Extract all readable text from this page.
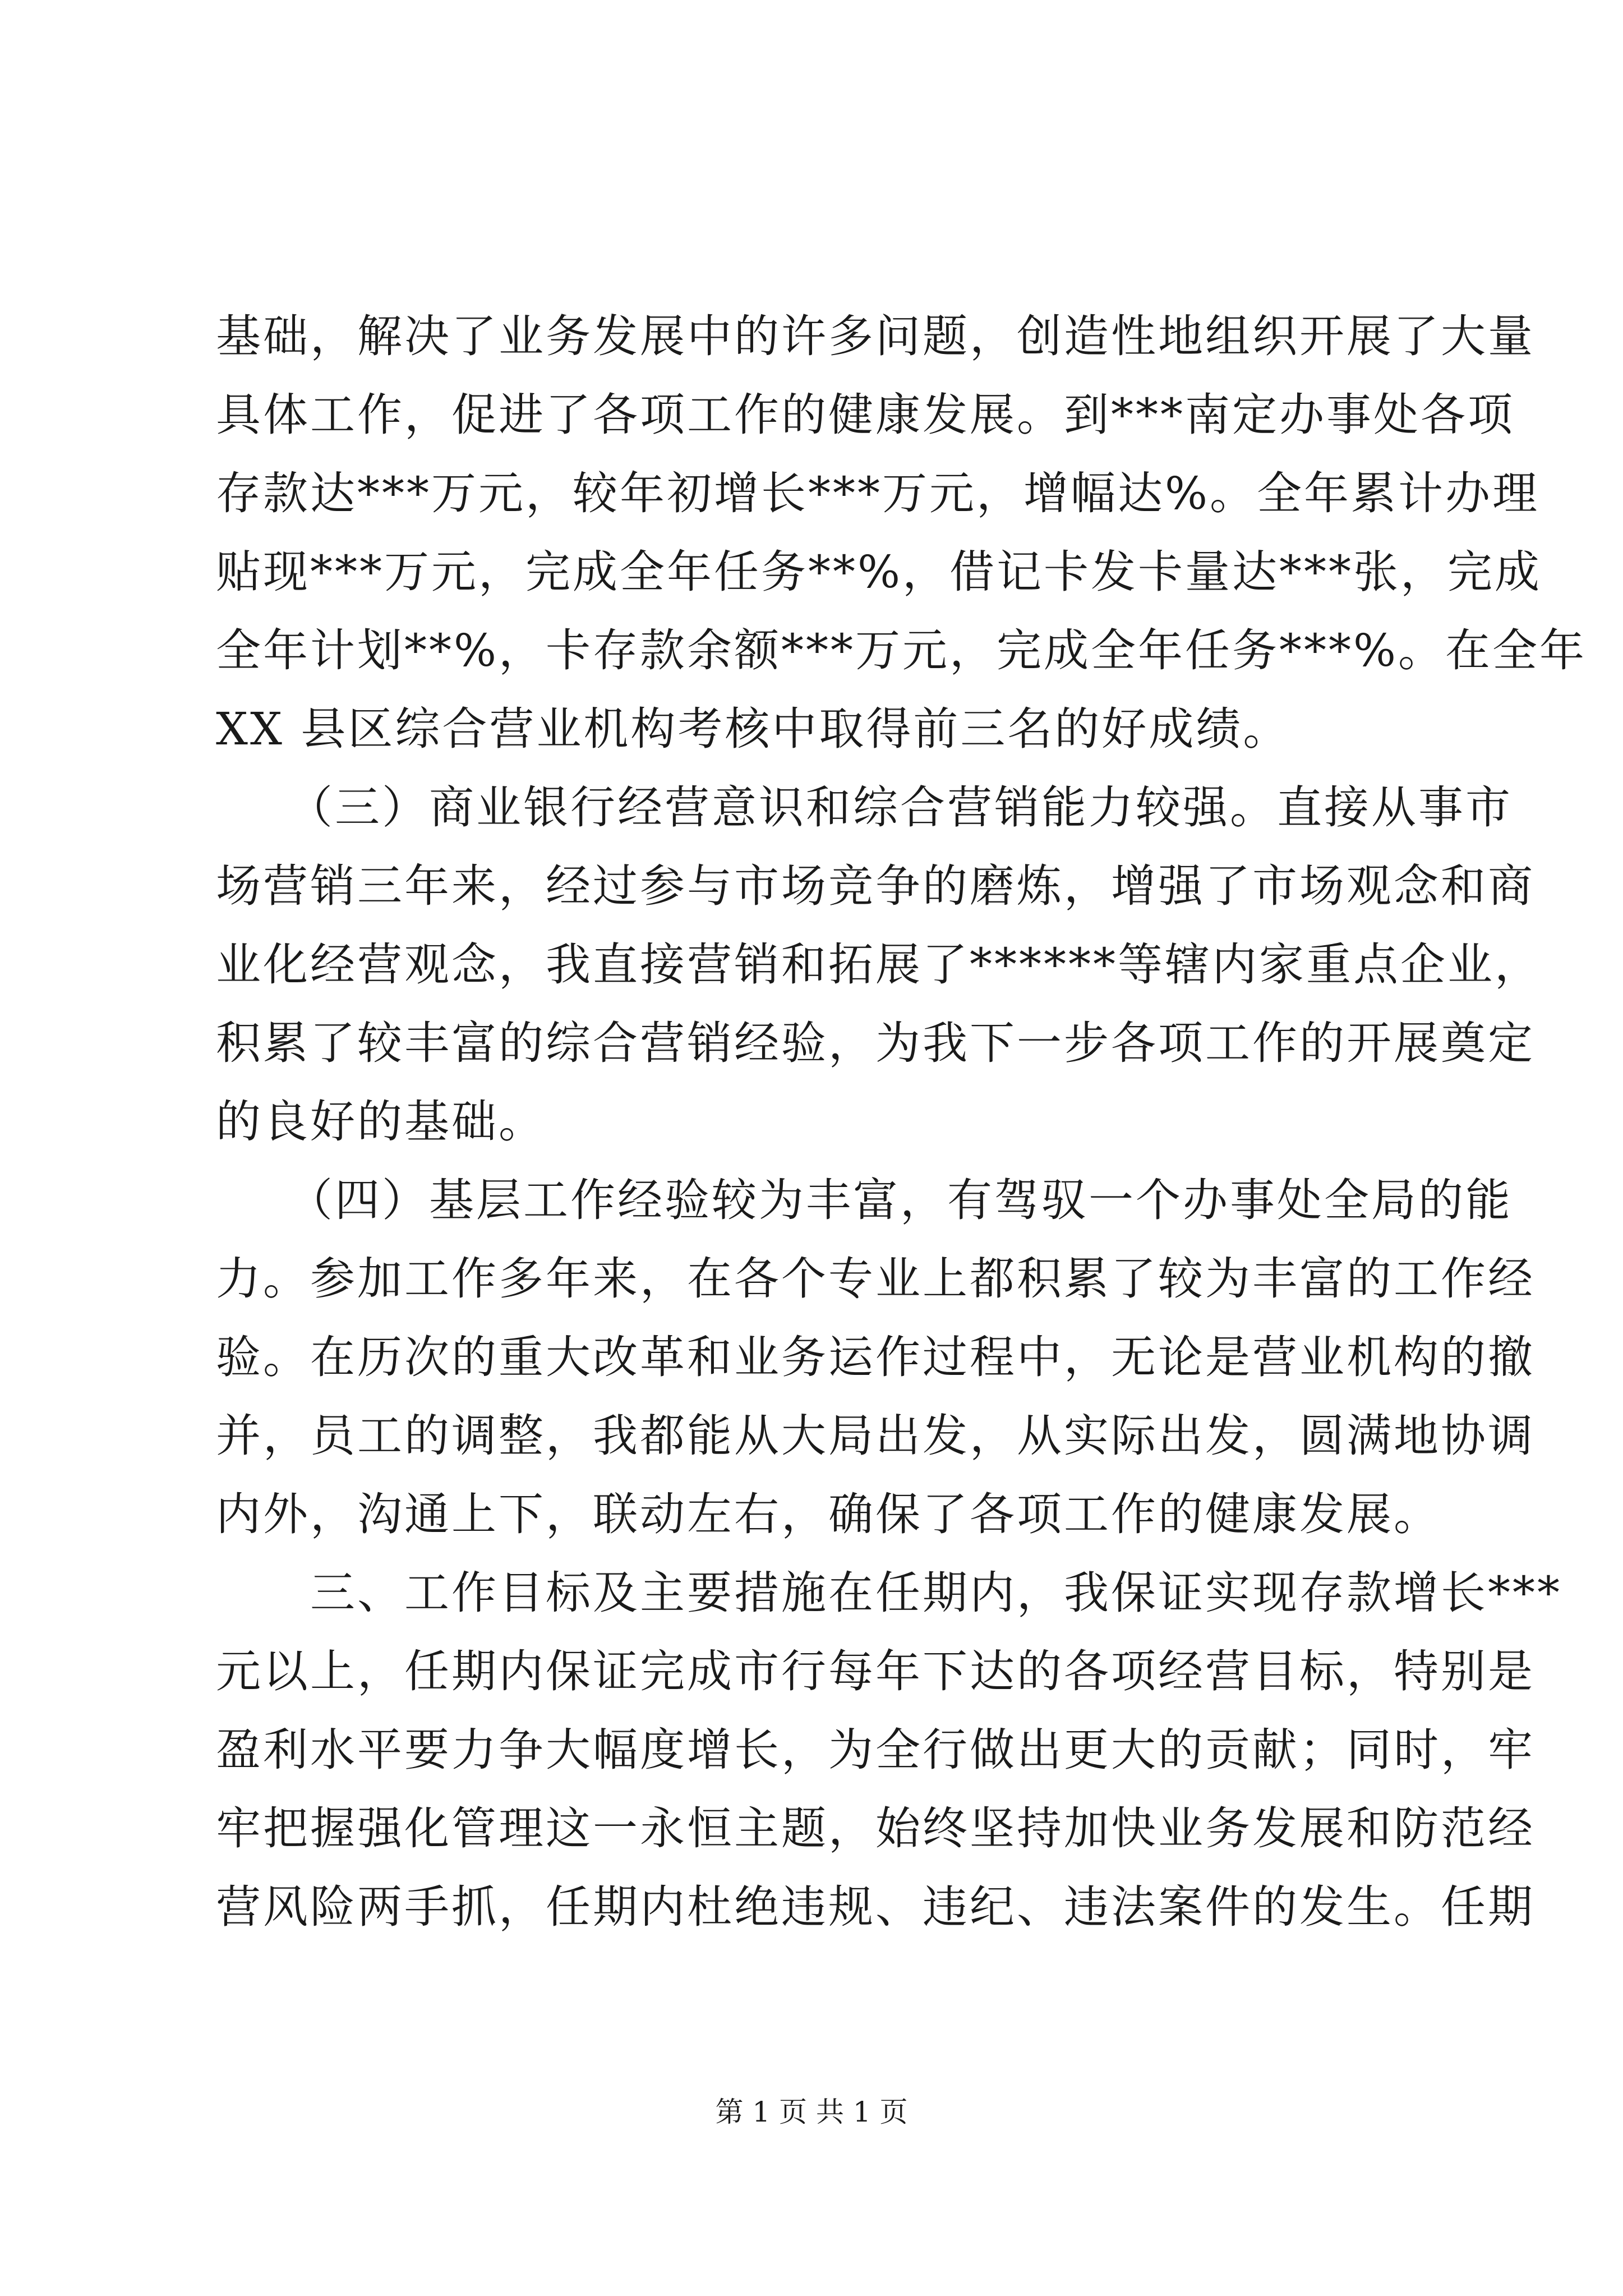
基础，解决了业务发展中的许多问题，创造性地组织开展了大量
具体工作，促进了各项工作的健康发展。到***南定办事处各项
存款达***万元，较年初增长***万元，增幅达%。全年累计办理
贴现***万元，完成全年任务**%，借记卡发卡量达***张，完成
全年计划**%，卡存款余额***万元，完成全年任务***%。在全年
XX 县区综合营业机构考核中取得前三名的好成绩。
　　（三）商业银行经营意识和综合营销能力较强。直接从事市
场营销三年来，经过参与市场竞争的磨炼，增强了市场观念和商
业化经营观念，我直接营销和拓展了******等辖内家重点企业，
积累了较丰富的综合营销经验，为我下一步各项工作的开展奠定
的良好的基础。
　　（四）基层工作经验较为丰富，有驾驭一个办事处全局的能
力。参加工作多年来，在各个专业上都积累了较为丰富的工作经
验。在历次的重大改革和业务运作过程中，无论是营业机构的撤
并，员工的调整，我都能从大局出发，从实际出发，圆满地协调
内外，沟通上下，联动左右，确保了各项工作的健康发展。
　　三、工作目标及主要措施在任期内，我保证实现存款增长***
元以上，任期内保证完成市行每年下达的各项经营目标，特别是
盈利水平要力争大幅度增长，为全行做出更大的贡献；同时，牢
牢把握强化管理这一永恒主题，始终坚持加快业务发展和防范经
营风险两手抓，任期内杜绝违规、违纪、违法案件的发生。任期
第 1 页 共 1 页
